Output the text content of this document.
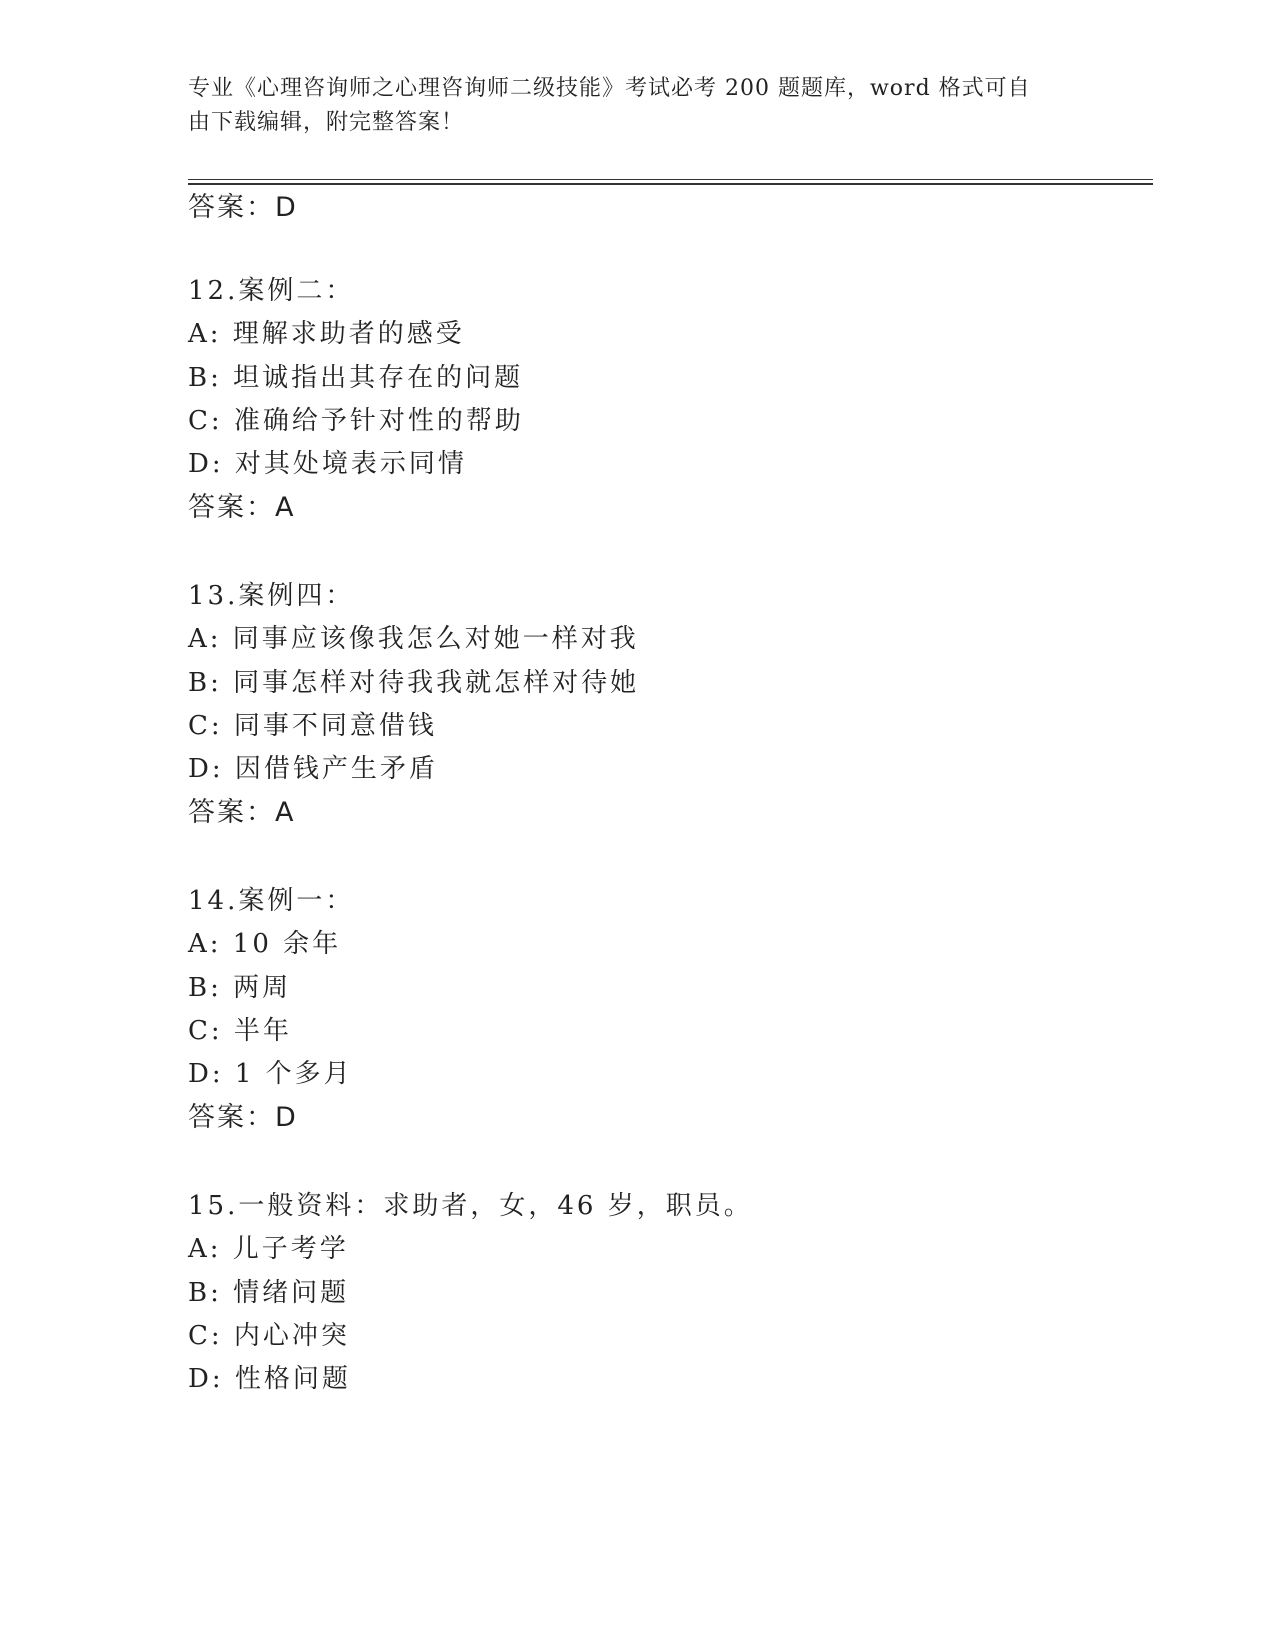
专业《心理咨询师之心理咨询师二级技能》考试必考 200 题题库，word 格式可自
由下载编辑，附完整答案！
答案：D
12.案例二：
A: 理解求助者的感受
B: 坦诚指出其存在的问题
C: 准确给予针对性的帮助
D: 对其处境表示同情
答案：A
13.案例四：
A: 同事应该像我怎么对她一样对我
B: 同事怎样对待我我就怎样对待她
C: 同事不同意借钱
D: 因借钱产生矛盾
答案：A
14.案例一：
A: 10 余年
B: 两周
C: 半年
D: 1 个多月
答案：D
15.一般资料：求助者，女，46 岁，职员。
A: 儿子考学
B: 情绪问题
C: 内心冲突
D: 性格问题
